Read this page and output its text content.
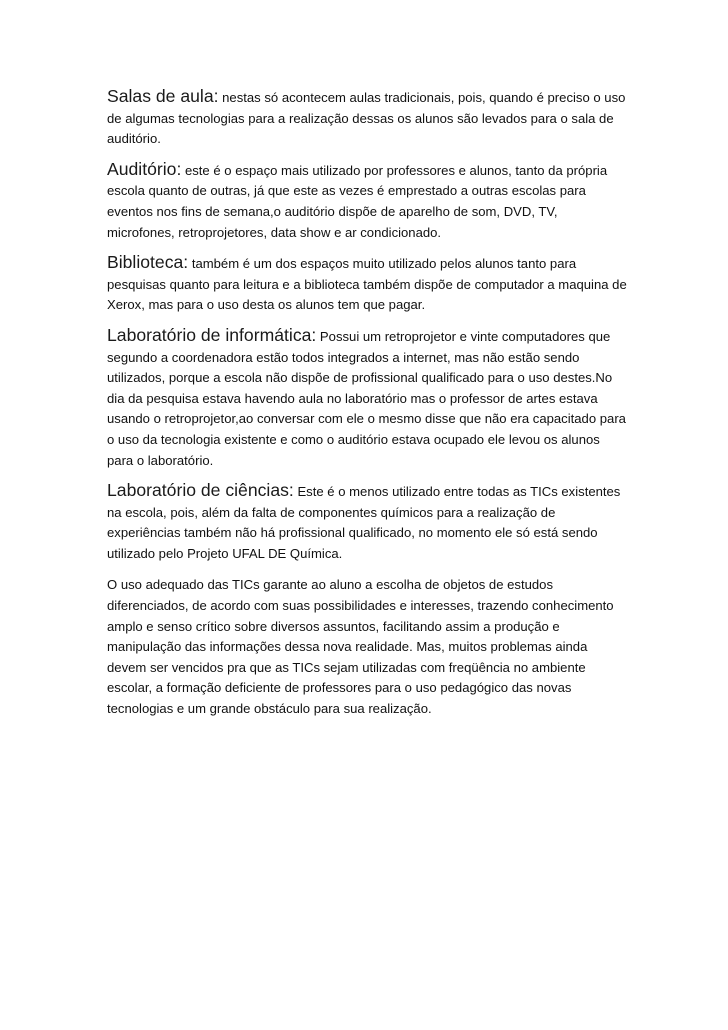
Salas de aula: nestas só acontecem aulas tradicionais, pois, quando é preciso o uso de algumas tecnologias para a realização dessas os alunos são levados para o sala de auditório.

Auditório: este é o espaço mais utilizado por professores e alunos, tanto da própria escola quanto de outras, já que este as vezes é emprestado a outras escolas para eventos nos fins de semana,o auditório dispõe de aparelho de som, DVD, TV, microfones, retroprojetores, data show e ar condicionado.

Biblioteca: também é um dos espaços muito utilizado pelos alunos tanto para pesquisas quanto para leitura e a biblioteca também dispõe de computador a maquina de Xerox, mas para o uso desta os alunos tem que pagar.

Laboratório de informática: Possui um retroprojetor e vinte computadores que segundo a coordenadora estão todos integrados a internet, mas não estão sendo utilizados, porque a escola não dispõe de profissional qualificado para o uso destes.No dia da pesquisa estava havendo aula no laboratório mas o professor de artes estava usando o retroprojetor,ao conversar com ele o mesmo disse que não era capacitado para o uso da tecnologia existente e como o auditório estava ocupado ele levou os alunos para o laboratório.

Laboratório de ciências: Este é o menos utilizado entre todas as TICs existentes na escola, pois, além da falta de componentes químicos para a realização de experiências também não há profissional qualificado, no momento ele só está sendo utilizado pelo Projeto UFAL DE Química.

O uso adequado das TICs garante ao aluno a escolha de objetos de estudos diferenciados, de acordo com suas possibilidades e interesses, trazendo conhecimento amplo e senso crítico sobre diversos assuntos, facilitando assim a produção e manipulação das informações dessa nova realidade. Mas, muitos problemas ainda devem ser vencidos pra que as TICs sejam utilizadas com freqüência no ambiente escolar, a formação deficiente de professores para o uso pedagógico das novas tecnologias e um grande obstáculo para sua realização.
